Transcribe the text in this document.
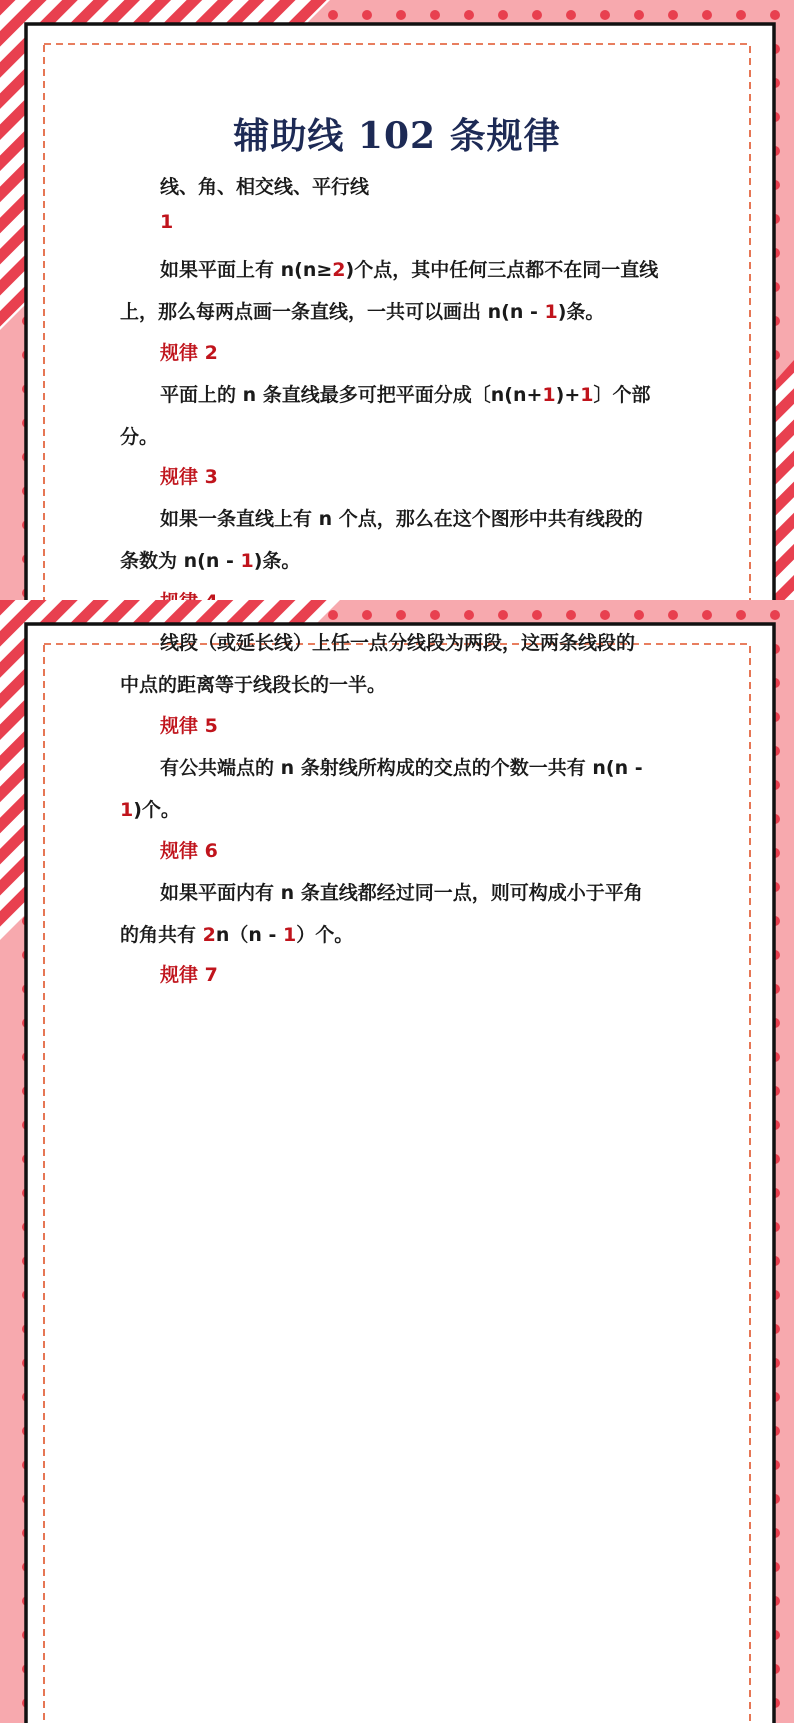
辅助线 102 条规律
线、角、相交线、平行线
1
如果平面上有 n(n≥2)个点，其中任何三点都不在同一直线
上，那么每两点画一条直线，一共可以画出 n(n - 1)条。
规律 2
平面上的 n 条直线最多可把平面分成〔n(n+1)+1〕个部
分。
规律 3
如果一条直线上有 n 个点，那么在这个图形中共有线段的
条数为 n(n - 1)条。
线段（或延长线）上任一点分线段为两段，这两条线段的
中点的距离等于线段长的一半。
规律 5
有公共端点的 n 条射线所构成的交点的个数一共有 n(n -
1)个。
规律 6
如果平面内有 n 条直线都经过同一点，则可构成小于平角
的角共有 2n（n - 1）个。
规律 7
